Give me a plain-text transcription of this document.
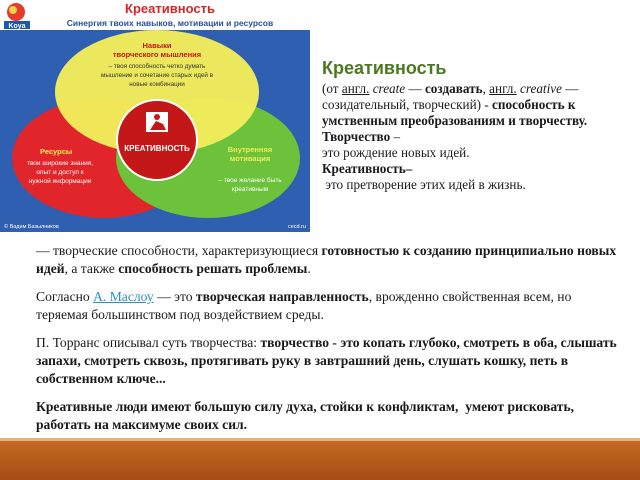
Koya
Креативность
Синергия твоих навыков, мотивации и ресурсов
КРЕАТИВНОСТЬ
Навыки
творческого мышления
– твоя способность четко думать
мышление и сочетание старых идей в
новые комбинации
Ресурсы
твои широкие знания,
опыт и доступ к
нужной информации
Внутренняя
мотивация
– твое желание быть
креативным
© Вадим Базылников	cecd.ru
Креативность
(от англ. create — создавать, англ. creative —
созидательный, творческий) - способность к
умственным преобразованиям и творчеству.
Творчество –
это рождение новых идей.
Креативность–
это претворение этих идей в жизнь.

— творческие способности, характеризующиеся готовностью к созданию принципиально новых идей, а также способность решать проблемы.

Согласно А. Маслоу — это творческая направленность, врожденно свойственная всем, но теряемая большинством под воздействием среды.

П. Торранс описывал суть творчества: творчество - это копать глубоко, смотреть в оба, слышать запахи, смотреть сквозь, протягивать руку в завтрашний день, слушать кошку, петь в собственном ключе...

Креативные люди имеют большую силу духа, стойки к конфликтам,  умеют рисковать, работать на максимуме своих сил.
